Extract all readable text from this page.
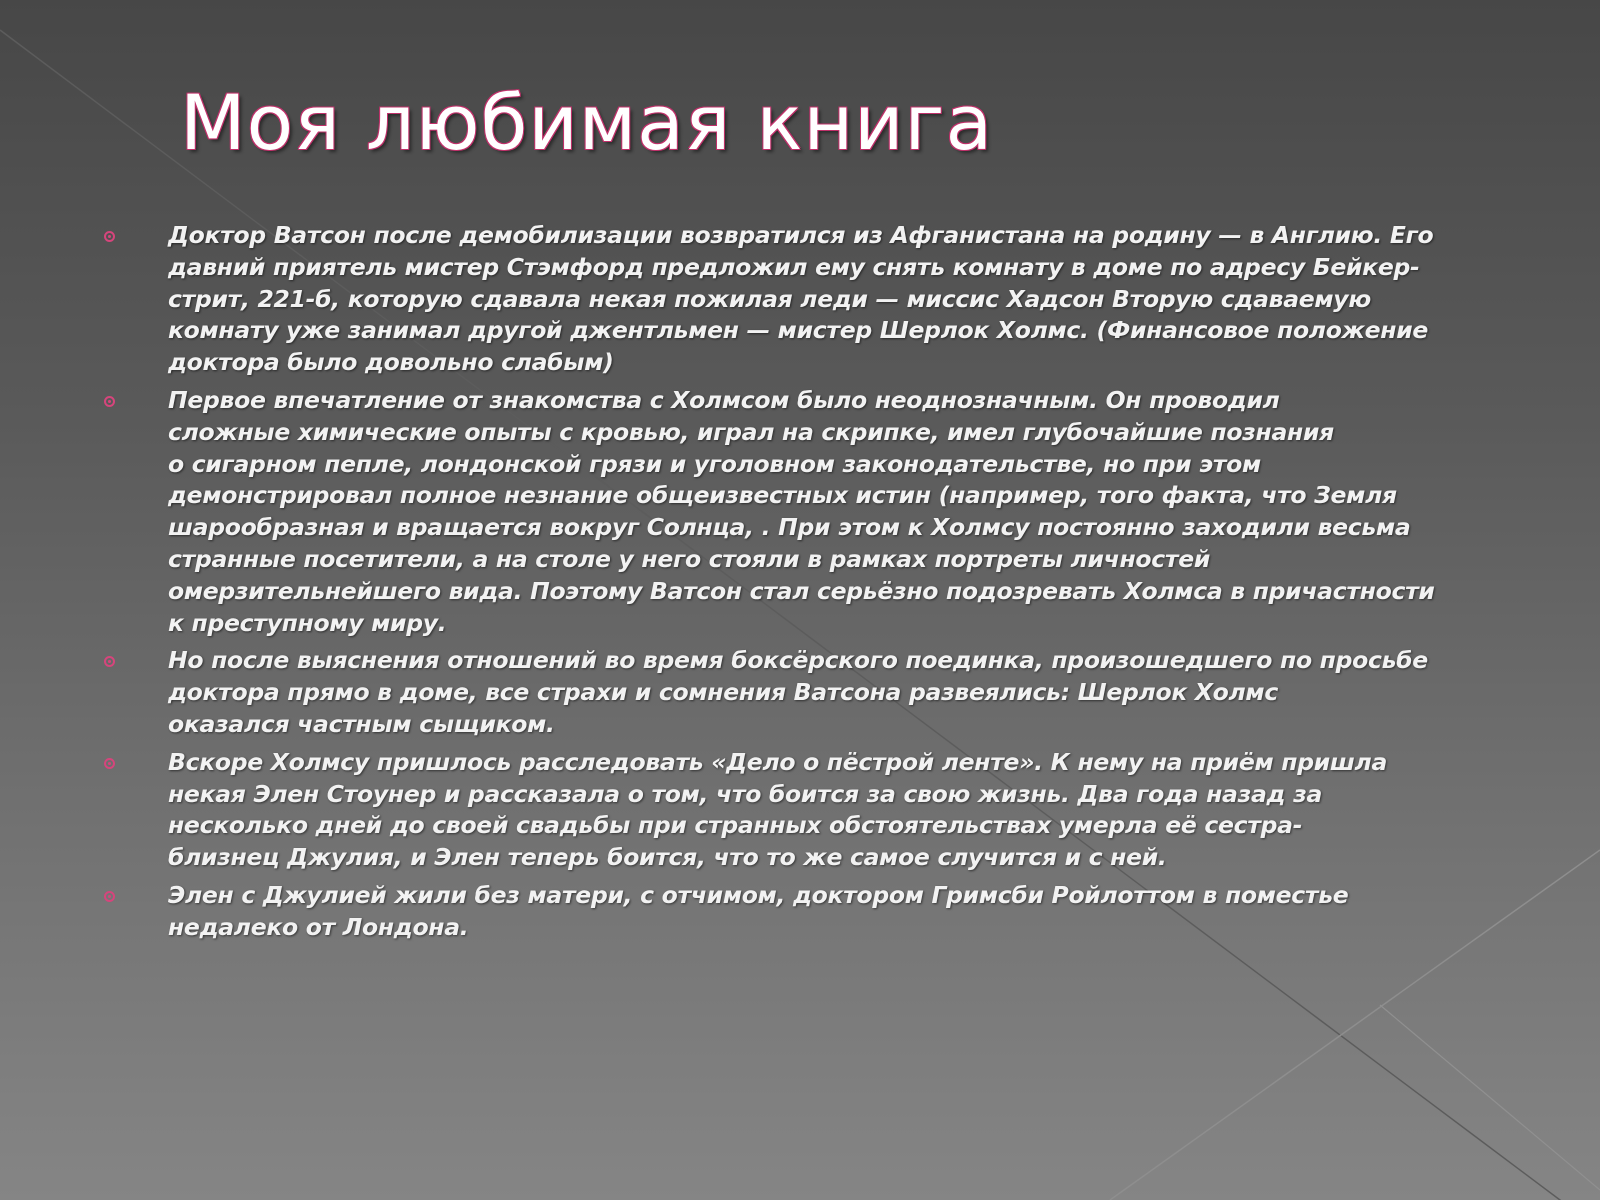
Моя любимая книга
Доктор Ватсон после демобилизации возвратился из Афганистана на родину — в Англию. Его
давний приятель мистер Стэмфорд предложил ему снять комнату в доме по адресу Бейкер-
стрит, 221-б, которую сдавала некая пожилая леди — миссис Хадсон Вторую сдаваемую
комнату уже занимал другой джентльмен — мистер Шерлок Холмс. (Финансовое положение
доктора было довольно слабым)
Первое впечатление от знакомства с Холмсом было неоднозначным. Он проводил
сложные химические опыты с кровью, играл на скрипке, имел глубочайшие познания
о сигарном пепле, лондонской грязи и уголовном законодательстве, но при этом
демонстрировал полное незнание общеизвестных истин (например, того факта, что Земля
шарообразная и вращается вокруг Солнца, . При этом к Холмсу постоянно заходили весьма
странные посетители, а на столе у него стояли в рамках портреты личностей
омерзительнейшего вида. Поэтому Ватсон стал серьёзно подозревать Холмса в причастности
к преступному миру.
Но после выяснения отношений во время боксёрского поединка, произошедшего по просьбе
доктора прямо в доме, все страхи и сомнения Ватсона развеялись: Шерлок Холмс
оказался частным сыщиком.
Вскоре Холмсу пришлось расследовать «Дело о пёстрой ленте». К нему на приём пришла
некая Элен Стоунер и рассказала о том, что боится за свою жизнь. Два года назад за
несколько дней до своей свадьбы при странных обстоятельствах умерла её сестра-
близнец Джулия, и Элен теперь боится, что то же самое случится и с ней.
Элен с Джулией жили без матери, с отчимом, доктором Гримсби Ройлоттом в поместье
недалеко от Лондона.
